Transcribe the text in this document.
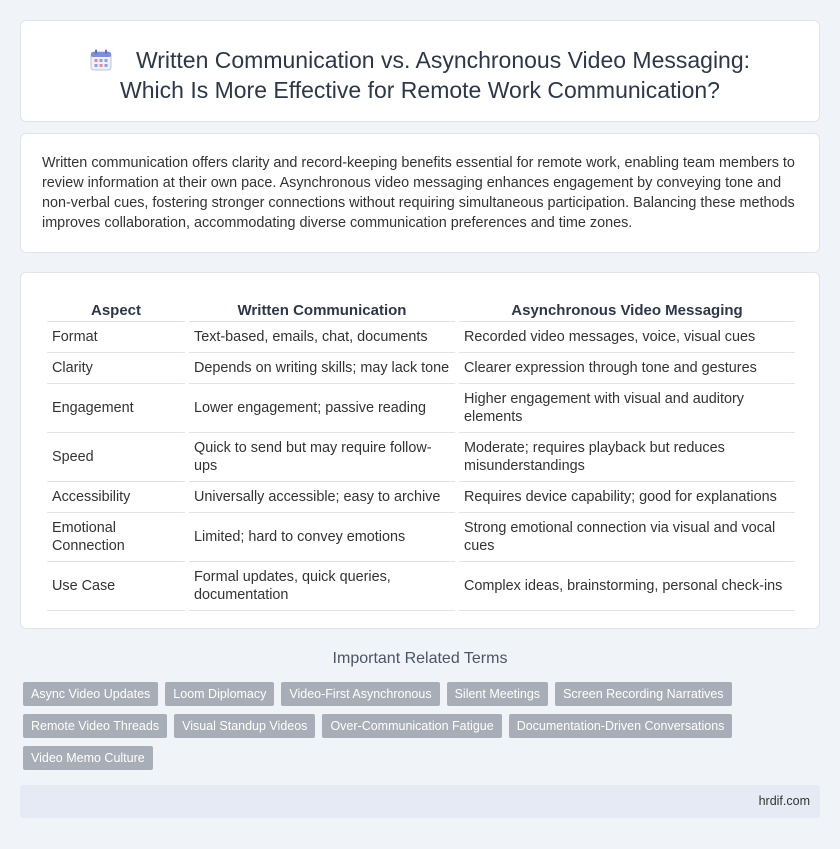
Written Communication vs. Asynchronous Video Messaging: Which Is More Effective for Remote Work Communication?

Written communication offers clarity and record-keeping benefits essential for remote work, enabling team members to review information at their own pace. Asynchronous video messaging enhances engagement by conveying tone and non-verbal cues, fostering stronger connections without requiring simultaneous participation. Balancing these methods improves collaboration, accommodating diverse communication preferences and time zones.

Aspect	Written Communication	Asynchronous Video Messaging
Format	Text-based, emails, chat, documents	Recorded video messages, voice, visual cues
Clarity	Depends on writing skills; may lack tone	Clearer expression through tone and gestures
Engagement	Lower engagement; passive reading	Higher engagement with visual and auditory elements
Speed	Quick to send but may require follow-ups	Moderate; requires playback but reduces misunderstandings
Accessibility	Universally accessible; easy to archive	Requires device capability; good for explanations
Emotional Connection	Limited; hard to convey emotions	Strong emotional connection via visual and vocal cues
Use Case	Formal updates, quick queries, documentation	Complex ideas, brainstorming, personal check-ins
Important Related Terms
Async Video Updates	Loom Diplomacy	Video-First Asynchronous	Silent Meetings	Screen Recording Narratives
Remote Video Threads	Visual Standup Videos	Over-Communication Fatigue	Documentation-Driven Conversations
Video Memo Culture
hrdif.com
